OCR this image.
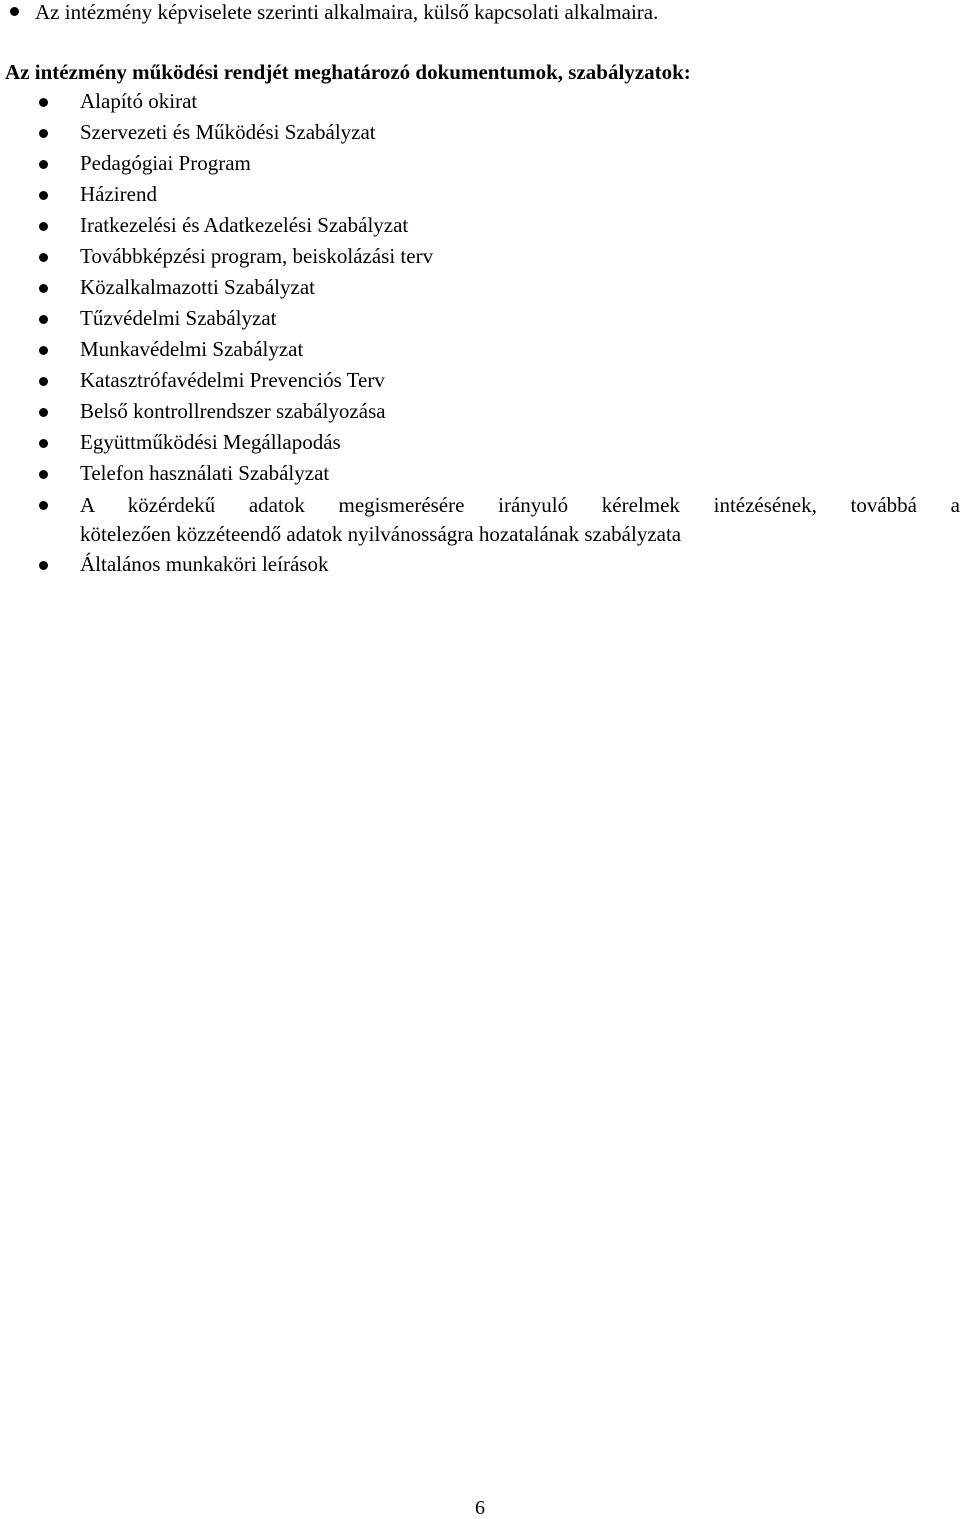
Az intézmény képviselete szerinti alkalmaira, külső kapcsolati alkalmaira.
Az intézmény működési rendjét meghatározó dokumentumok, szabályzatok:
Alapító okirat
Szervezeti és Működési Szabályzat
Pedagógiai Program
Házirend
Iratkezelési és Adatkezelési Szabályzat
Továbbképzési program, beiskolázási terv
Közalkalmazotti Szabályzat
Tűzvédelmi Szabályzat
Munkavédelmi Szabályzat
Katasztrófavédelmi Prevenciós Terv
Belső kontrollrendszer szabályozása
Együttműködési Megállapodás
Telefon használati Szabályzat
A közérdekű adatok megismerésére irányuló kérelmek intézésének, továbbá a
kötelezően közzéteendő adatok nyilvánosságra hozatalának szabályzata
Általános munkaköri leírások
6
